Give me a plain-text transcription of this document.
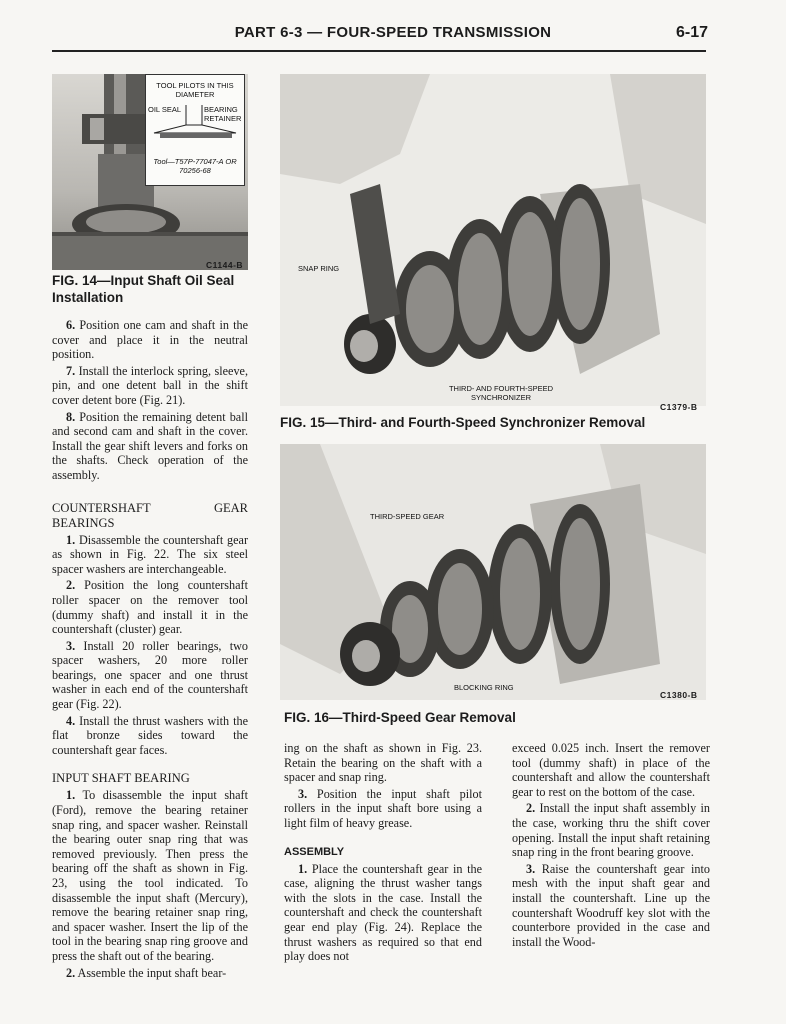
PART 6-3 — FOUR-SPEED TRANSMISSION	6-17
TOOL PILOTS IN THIS DIAMETER
OIL SEAL	BEARING RETAINER
Tool—T57P-77047-A OR 70256-68
C1144-B
FIG. 14—Input Shaft Oil Seal Installation
SNAP RING
THIRD- AND FOURTH-SPEED SYNCHRONIZER
C1379-B
FIG. 15—Third- and Fourth-Speed Synchronizer Removal
THIRD-SPEED GEAR
BLOCKING RING
C1380-B
FIG. 16—Third-Speed Gear Removal

6. Position one cam and shaft in the cover and place it in the neutral position.

7. Install the interlock spring, sleeve, pin, and one detent ball in the shift cover detent bore (Fig. 21).

8. Position the remaining detent ball and second cam and shaft in the cover. Install the gear shift levers and forks on the shafts. Check operation of the assembly.

COUNTERSHAFT GEAR BEARINGS

1. Disassemble the countershaft gear as shown in Fig. 22. The six steel spacer washers are interchangeable.

2. Position the long countershaft roller spacer on the remover tool (dummy shaft) and install it in the countershaft (cluster) gear.

3. Install 20 roller bearings, two spacer washers, 20 more roller bearings, one spacer and one thrust washer in each end of the countershaft gear (Fig. 22).

4. Install the thrust washers with the flat bronze sides toward the countershaft gear faces.

INPUT SHAFT BEARING

1. To disassemble the input shaft (Ford), remove the bearing retainer snap ring, and spacer washer. Reinstall the bearing outer snap ring that was removed previously. Then press the bearing off the shaft as shown in Fig. 23, using the tool indicated. To disassemble the input shaft (Mercury), remove the bearing retainer snap ring, and spacer washer. Insert the lip of the tool in the bearing snap ring groove and press the shaft out of the bearing.

2. Assemble the input shaft bear-

ing on the shaft as shown in Fig. 23. Retain the bearing on the shaft with a spacer and snap ring.

3. Position the input shaft pilot rollers in the input shaft bore using a light film of heavy grease.

ASSEMBLY

1. Place the countershaft gear in the case, aligning the thrust washer tangs with the slots in the case. Install the countershaft and check the countershaft gear end play (Fig. 24). Replace the thrust washers as required so that end play does not

exceed 0.025 inch. Insert the remover tool (dummy shaft) in place of the countershaft and allow the countershaft gear to rest on the bottom of the case.

2. Install the input shaft assembly in the case, working thru the shift cover opening. Install the input shaft retaining snap ring in the front bearing groove.

3. Raise the countershaft gear into mesh with the input shaft gear and install the countershaft. Line up the countershaft Woodruff key slot with the counterbore provided in the case and install the Wood-
